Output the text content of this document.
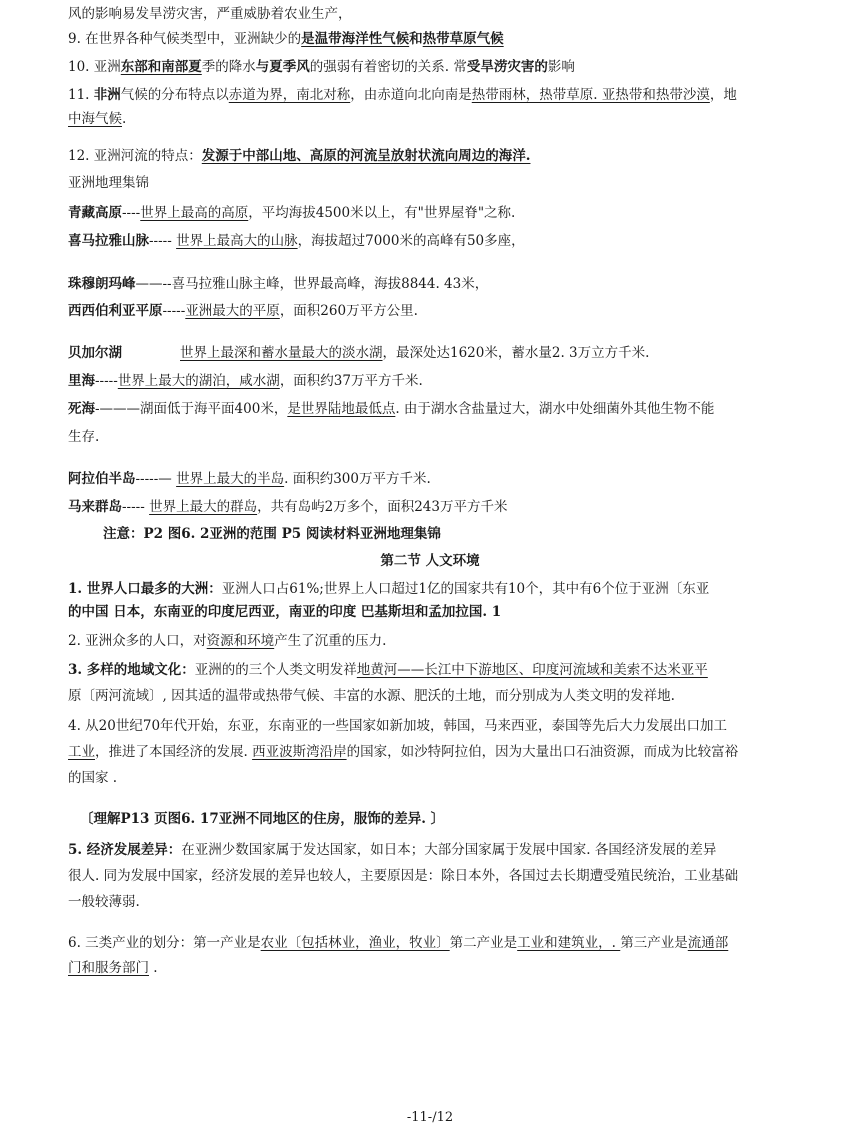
风的影响易发旱涝灾害，严重威胁着农业生产，
9. 在世界各种气候类型中，亚洲缺少的是温带海洋性气候和热带草原气候
10. 亚洲东部和南部夏季的降水与夏季风的强弱有着密切的关系. 常受旱涝灾害的影响
11. 非洲气候的分布特点以赤道为界，南北对称，由赤道向北向南是热带雨林，热带草原. 亚热带和热带沙漠，地
中海气候.
12. 亚洲河流的特点：发源于中部山地、高原的河流呈放射状流向周边的海洋.
亚洲地理集锦
青藏高原----世界上最高的高原，平均海拔4500米以上，有"世界屋脊"之称.
喜马拉雅山脉----- 世界上最高大的山脉，海拔超过7000米的高峰有50多座，
珠穆朗玛峰——--喜马拉雅山脉主峰，世界最高峰，海拔8844. 43米，
西西伯利亚平原-----亚洲最大的平原，面积260万平方公里.
贝加尔湖	世界上最深和蓄水量最大的淡水湖，最深处达1620米，蓄水量2. 3万立方千米.
里海-----世界上最大的湖泊，咸水湖，面积约37万平方千米.
死海-———湖面低于海平面400米，是世界陆地最低点. 由于湖水含盐量过大，湖水中处细菌外其他生物不能
生存.
阿拉伯半岛-----— 世界上最大的半岛. 面积约300万平方千米.
马来群岛----- 世界上最大的群岛，共有岛屿2万多个，面积243万平方千米
注意：P2 图6. 2亚洲的范围 P5 阅读材料亚洲地理集锦
第二节 人文环境
1. 世界人口最多的大洲：亚洲人口占61%;世界上人口超过1亿的国家共有10个，其中有6个位于亚洲〔东亚
的中国 日本，东南亚的印度尼西亚，南亚的印度 巴基斯坦和孟加拉国. 1
2. 亚洲众多的人口，对资源和环境产生了沉重的压力.
3. 多样的地域文化：亚洲的的三个人类文明发祥地黄河——长江中下游地区、印度河流域和美索不达米亚平
原〔两河流域〕, 因其适的温带或热带气候、丰富的水源、肥沃的土地，而分别成为人类文明的发祥地.
4. 从20世纪70年代开始，东亚，东南亚的一些国家如新加坡，韩国，马来西亚，泰国等先后大力发展出口加工
工业，推进了本国经济的发展. 西亚波斯湾沿岸的国家，如沙特阿拉伯，因为大量出口石油资源，而成为比较富裕
的国家 .
〔理解P13 页图6. 17亚洲不同地区的住房，服饰的差异. 〕
5. 经济发展差异：在亚洲少数国家属于发达国家，如日本；大部分国家属于发展中国家. 各国经济发展的差异
很人. 同为发展中国家，经济发展的差异也较人，主要原因是：除日本外，各国过去长期遭受殖民统治，工业基础
一般较薄弱.
6. 三类产业的划分：第一产业是农业〔包括林业，渔业，牧业〕第二产业是工业和建筑业，. 第三产业是流通部
门和服务部门 .
-11-/12
